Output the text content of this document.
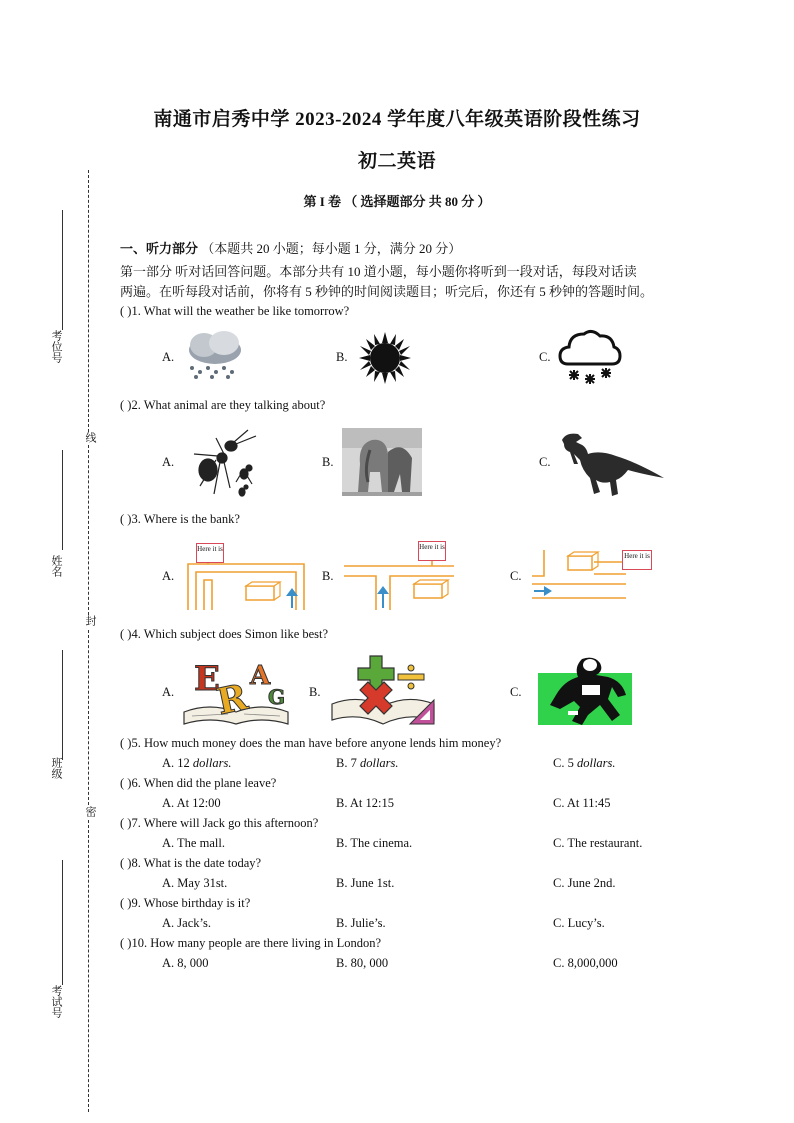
线
封
密
考位号
姓名
班级
考试号
南通市启秀中学 2023-2024 学年度八年级英语阶段性练习
初二英语
第 I 卷 （ 选择题部分 共 80 分 ）
一、听力部分 （本题共 20 小题；每小题 1 分，满分 20 分）
第一部分 听对话回答问题。本部分共有 10 道小题，每小题你将听到一段对话，每段对话读
两遍。在听每段对话前，你将有 5 秒钟的时间阅读题目；听完后，你还有 5 秒钟的答题时间。
( )1. What will the weather be like tomorrow?
A.	B.	C.
( )2. What animal are they talking about?
A.	B.	C.
( )3. Where is the bank?
A.	B.	C.
Here it is	Here it is
Here it is
( )4. Which subject does Simon like best?
A.	B.	C.
E
R
A
G
( )5. How much money does the man have before anyone lends him money?
A. 12 dollars.	B. 7 dollars.	C. 5 dollars.
( )6. When did the plane leave?
A. At 12:00	B. At 12:15	C. At 11:45
( )7. Where will Jack go this afternoon?
A. The mall.	B. The cinema.	C. The restaurant.
( )8. What is the date today?
A. May 31st.	B. June 1st.	C. June 2nd.
( )9. Whose birthday is it?
A. Jack’s.	B. Julie’s.	C. Lucy’s.
( )10. How many people are there living in London?
A. 8, 000	B. 80, 000	C. 8,000,000
